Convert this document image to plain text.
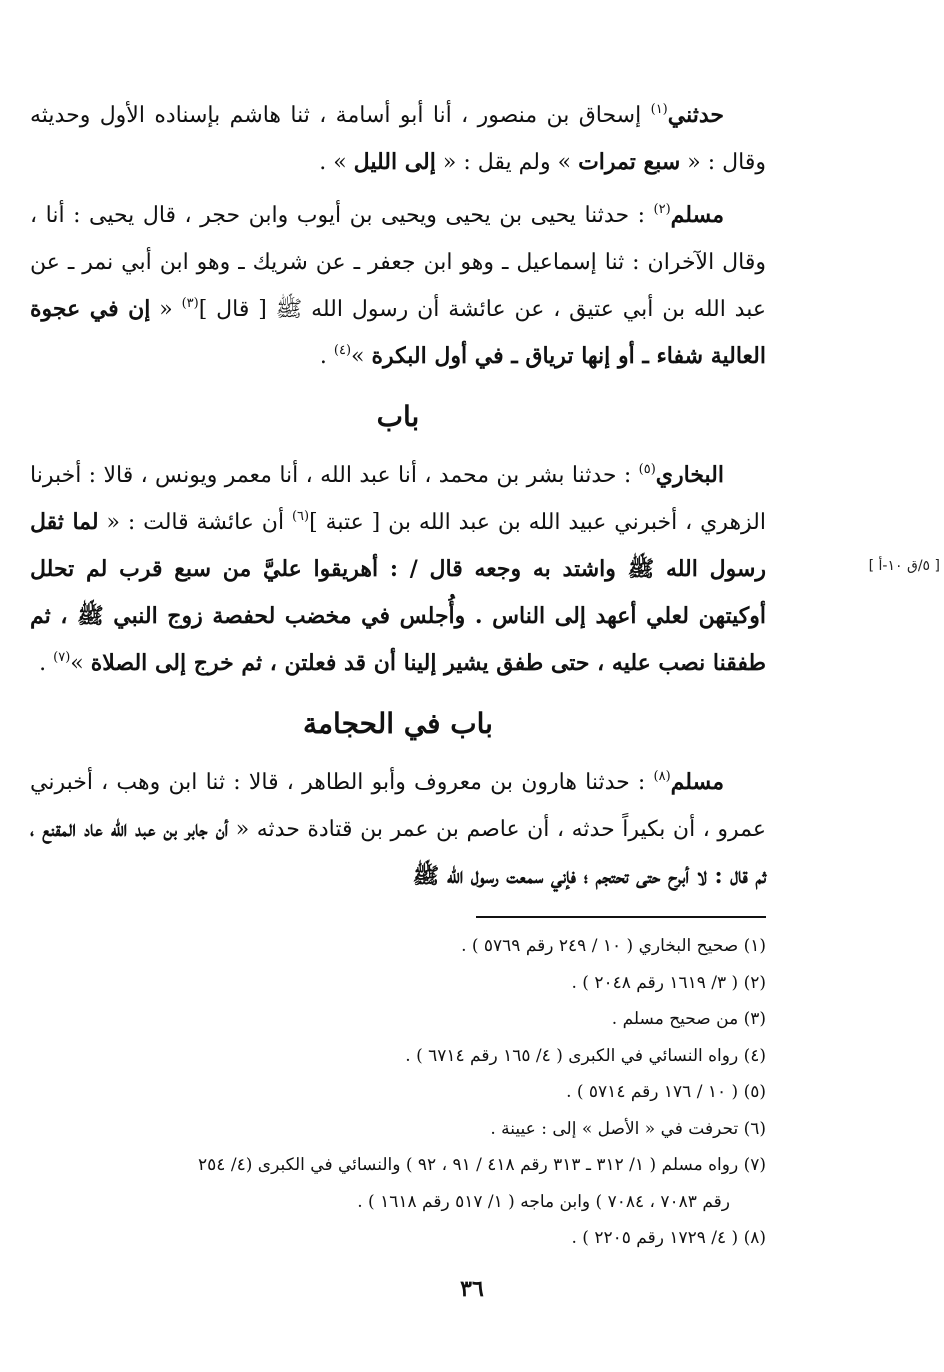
حدثني$^{(١)}$ إسحاق بن منصور ، أنا أبو أسامة ، ثنا هاشم بإسناده الأول وحديثه وقال : « سبع تمرات » ولم يقل : « إلى الليل » .

مسلم$^{(٢)}$ : حدثنا يحيى بن يحيى ويحيى بن أيوب وابن حجر ، قال يحيى : أنا ، وقال الآخران : ثنا إسماعيل ـ وهو ابن جعفر ـ عن شريك ـ وهو ابن أبي نمر ـ عن عبد الله بن أبي عتيق ، عن عائشة أن رسول الله ﷺ [ قال ]$^{(٣)}$ « إن في عجوة العالية شفاء ـ أو إنها ترياق ـ في أول البكرة »$^{(٤)}$ .

باب

البخاري$^{(٥)}$ : حدثنا بشر بن محمد ، أنا عبد الله ، أنا معمر ويونس ، قالا : أخبرنا الزهري ، أخبرني عبيد الله بن عبد الله بن [ عتبة ]$^{(٦)}$ أن عائشة قالت : « لما ثقل رسول الله ﷺ واشتد به وجعه قال / : أهريقوا عليَّ من سبع قرب لم تحلل أوكيتهن لعلي أعهد إلى الناس . وأُجلس في مخضب لحفصة زوج النبي ﷺ ، ثم طفقنا نصب عليه ، حتى طفق يشير إلينا أن قد فعلتن ، ثم خرج إلى الصلاة »$^{(٧)}$ .

باب في الحجامة

مسلم$^{(٨)}$ : حدثنا هارون بن معروف وأبو الطاهر ، قالا : ثنا ابن وهب ، أخبرني عمرو ، أن بكيراً حدثه ، أن عاصم بن عمر بن قتادة حدثه « أن جابر بن عبد الله عاد المقنع ، ثم قال : لا أبرح حتى تحتجم ؛ فإني سمعت رسول الله ﷺ

[ ٥/ق ١٠-أ ]

(١) صحيح البخاري ( ١٠ / ٢٤٩ رقم ٥٧٦٩ ) .

(٢) ( ٣/ ١٦١٩ رقم ٢٠٤٨ ) .

(٣) من صحيح مسلم .

(٤) رواه النسائي في الكبرى ( ٤/ ١٦٥ رقم ٦٧١٤ ) .

(٥) ( ١٠ / ١٧٦ رقم ٥٧١٤ ) .

(٦) تحرفت في « الأصل » إلى : عيينة .

(٧) رواه مسلم ( ١/ ٣١٢ ـ ٣١٣ رقم ٤١٨ / ٩١ ، ٩٢ ) والنسائي في الكبرى (٤/ ٢٥٤

رقم ٧٠٨٣ ، ٧٠٨٤ ) وابن ماجه ( ١/ ٥١٧ رقم ١٦١٨ ) .

(٨) ( ٤/ ١٧٢٩ رقم ٢٢٠٥ ) .

٣٦
